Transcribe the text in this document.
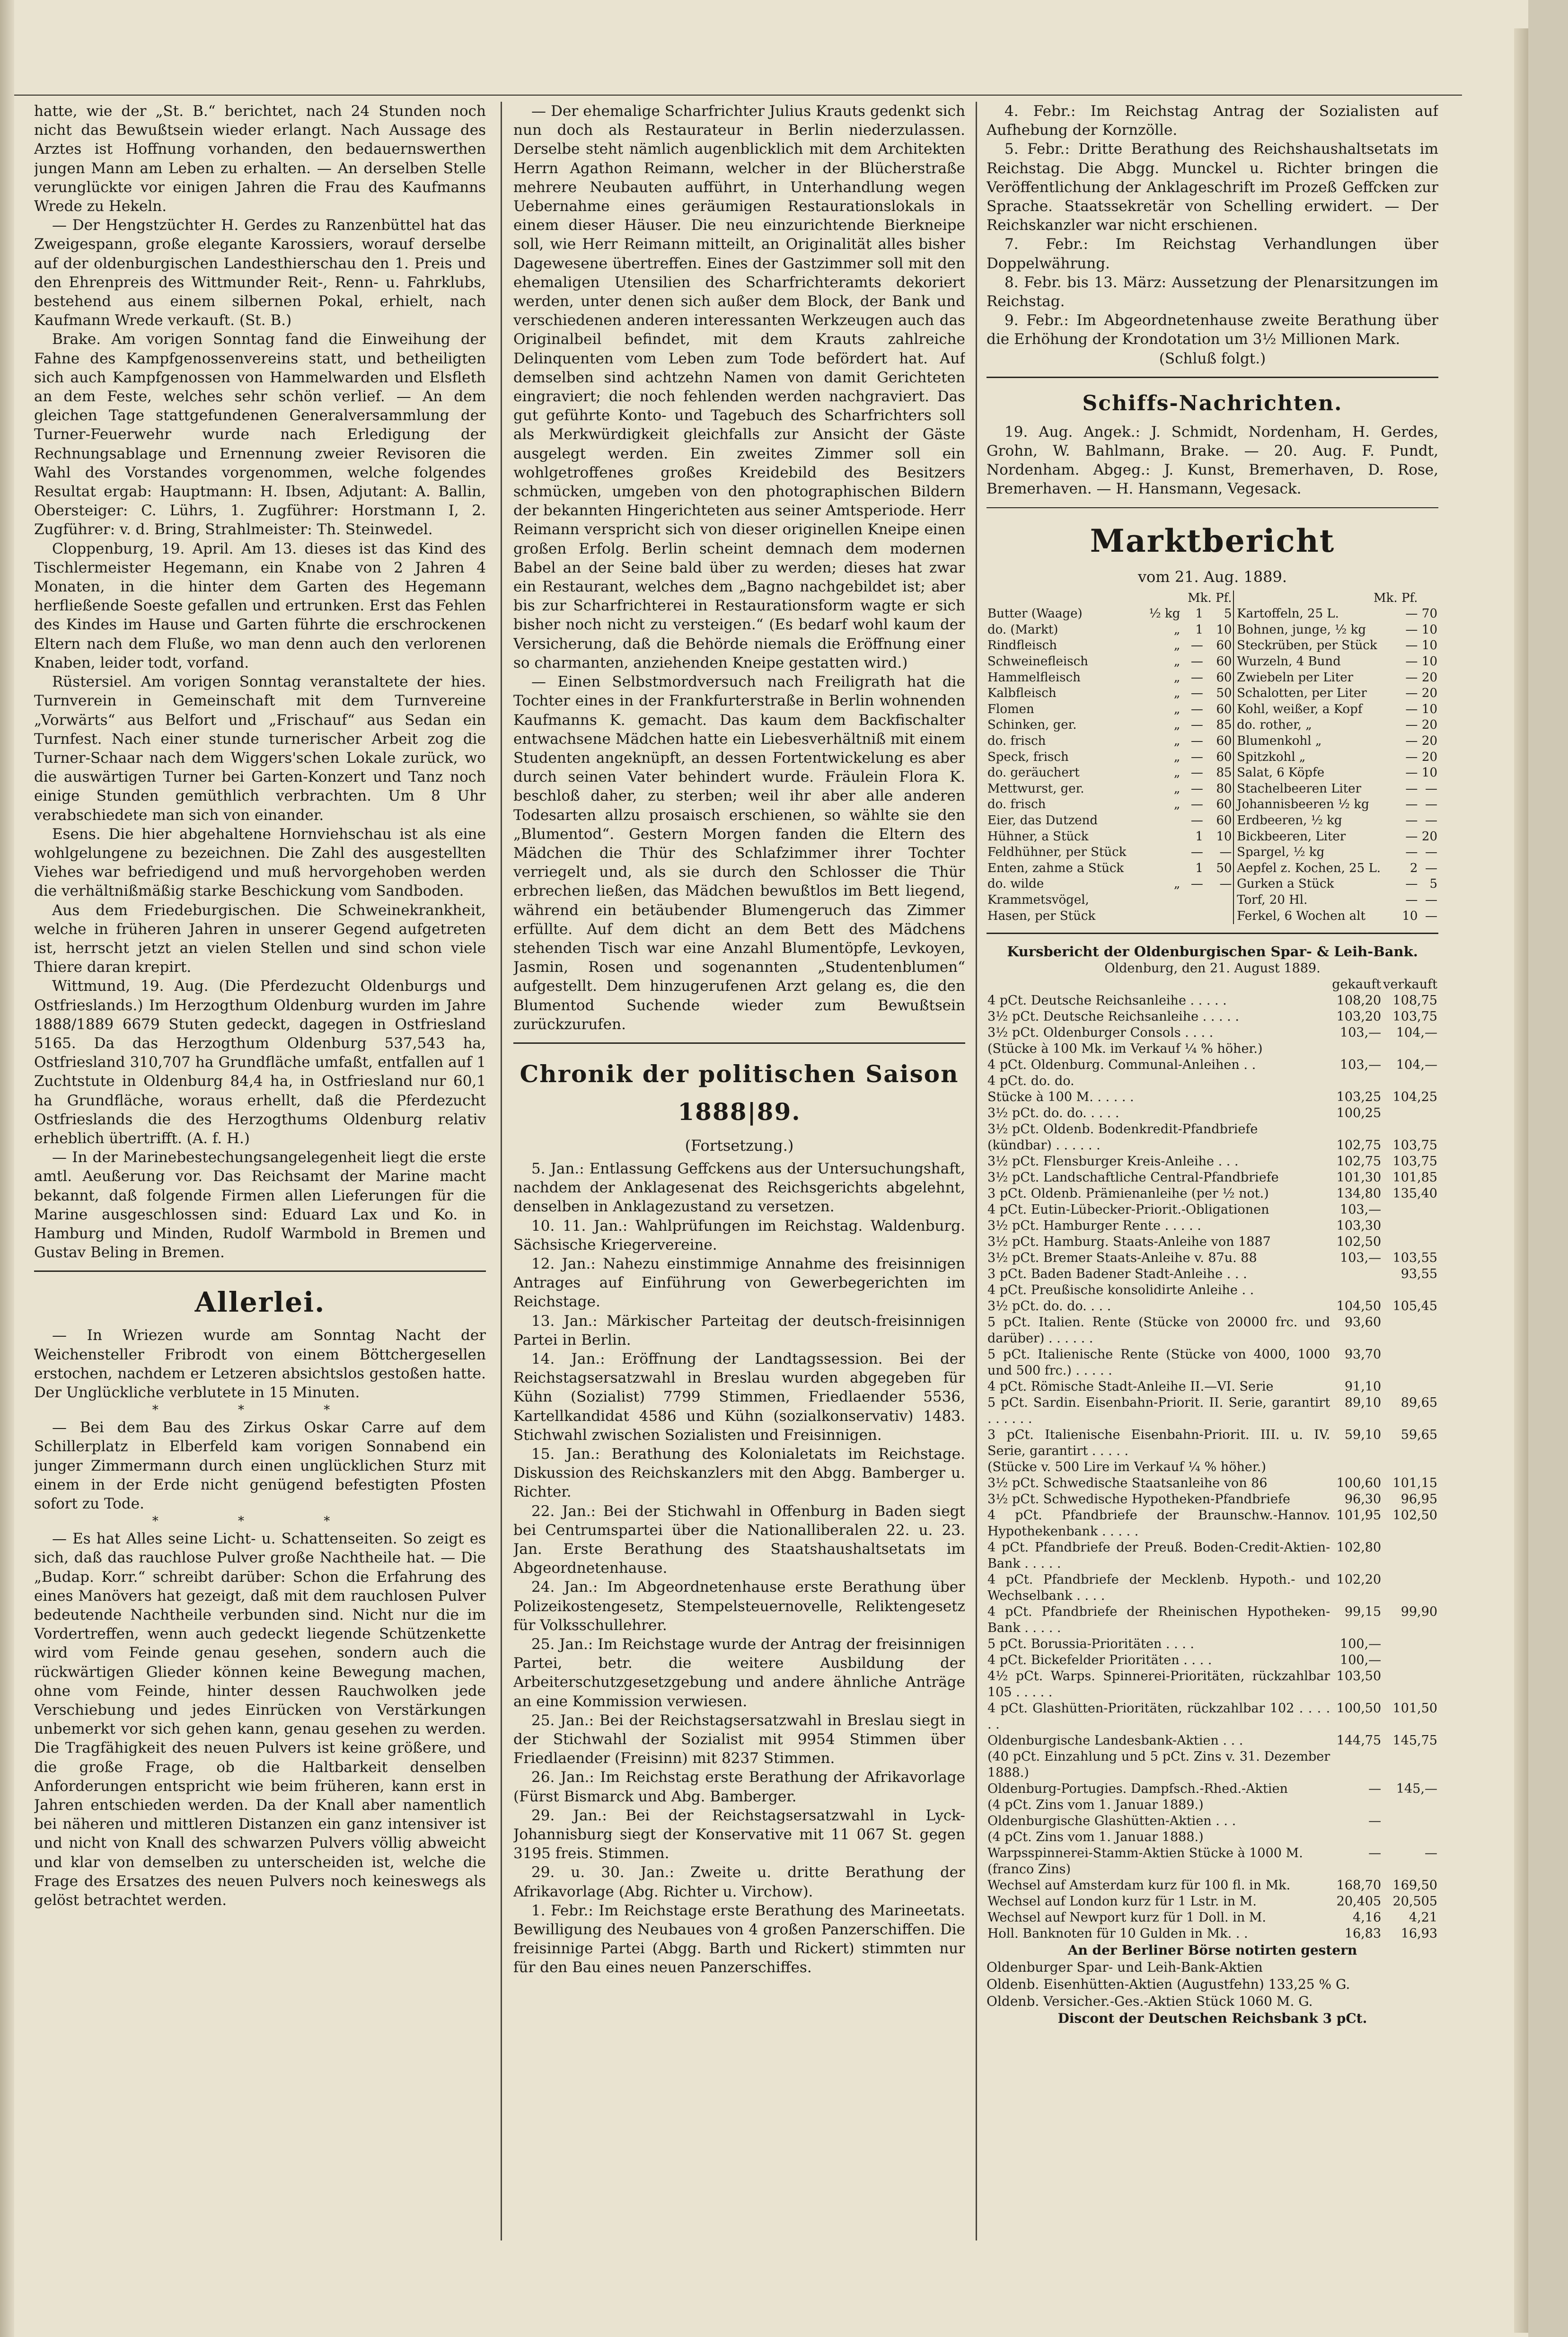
hatte, wie der „St. B.“ berichtet, nach 24 Stunden noch nicht das Bewußtsein wieder erlangt. Nach Aussage des Arztes ist Hoffnung vorhanden, den bedauernswerthen jungen Mann am Leben zu erhalten. — An derselben Stelle verunglückte vor einigen Jahren die Frau des Kaufmanns Wrede zu Hekeln.

— Der Hengstzüchter H. Gerdes zu Ranzenbüttel hat das Zweigespann, große elegante Karossiers, worauf derselbe auf der oldenburgischen Landesthierschau den 1. Preis und den Ehrenpreis des Wittmunder Reit-, Renn- u. Fahrklubs, bestehend aus einem silbernen Pokal, erhielt, nach Kaufmann Wrede verkauft. (St. B.)

Brake. Am vorigen Sonntag fand die Einweihung der Fahne des Kampfgenossenvereins statt, und betheiligten sich auch Kampfgenossen von Hammelwarden und Elsfleth an dem Feste, welches sehr schön verlief. — An dem gleichen Tage stattgefundenen Generalversammlung der Turner-Feuerwehr wurde nach Erledigung der Rechnungsablage und Ernennung zweier Revisoren die Wahl des Vorstandes vorgenommen, welche folgendes Resultat ergab: Hauptmann: H. Ibsen, Adjutant: A. Ballin, Obersteiger: C. Lührs, 1. Zugführer: Horstmann I, 2. Zugführer: v. d. Bring, Strahlmeister: Th. Steinwedel.

Cloppenburg, 19. April. Am 13. dieses ist das Kind des Tischlermeister Hegemann, ein Knabe von 2 Jahren 4 Monaten, in die hinter dem Garten des Hegemann herfließende Soeste gefallen und ertrunken. Erst das Fehlen des Kindes im Hause und Garten führte die erschrockenen Eltern nach dem Fluße, wo man denn auch den verlorenen Knaben, leider todt, vorfand.

Rüstersiel. Am vorigen Sonntag veranstaltete der hies. Turnverein in Gemeinschaft mit dem Turnvereine „Vorwärts“ aus Belfort und „Frischauf“ aus Sedan ein Turnfest. Nach einer stunde turnerischer Arbeit zog die Turner-Schaar nach dem Wiggers'schen Lokale zurück, wo die auswärtigen Turner bei Garten-Konzert und Tanz noch einige Stunden gemüthlich verbrachten. Um 8 Uhr verabschiedete man sich von einander.

Esens. Die hier abgehaltene Hornviehschau ist als eine wohlgelungene zu bezeichnen. Die Zahl des ausgestellten Viehes war befriedigend und muß hervorgehoben werden die verhältnißmäßig starke Beschickung vom Sandboden.

Aus dem Friedeburgischen. Die Schweinekrankheit, welche in früheren Jahren in unserer Gegend aufgetreten ist, herrscht jetzt an vielen Stellen und sind schon viele Thiere daran krepirt.

Wittmund, 19. Aug. (Die Pferdezucht Oldenburgs und Ostfrieslands.) Im Herzogthum Oldenburg wurden im Jahre 1888/1889 6679 Stuten gedeckt, dagegen in Ostfriesland 5165. Da das Herzogthum Oldenburg 537,543 ha, Ostfriesland 310,707 ha Grundfläche umfaßt, entfallen auf 1 Zuchtstute in Oldenburg 84,4 ha, in Ostfriesland nur 60,1 ha Grundfläche, woraus erhellt, daß die Pferdezucht Ostfrieslands die des Herzogthums Oldenburg relativ erheblich übertrifft. (A. f. H.)

— In der Marinebestechungsangelegenheit liegt die erste amtl. Aeußerung vor. Das Reichsamt der Marine macht bekannt, daß folgende Firmen allen Lieferungen für die Marine ausgeschlossen sind: Eduard Lax und Ko. in Hamburg und Minden, Rudolf Warmbold in Bremen und Gustav Beling in Bremen.

Allerlei.

— In Wriezen wurde am Sonntag Nacht der Weichensteller Fribrodt von einem Böttchergesellen erstochen, nachdem er Letzeren absichtslos gestoßen hatte. Der Unglückliche verblutete in 15 Minuten.

* * *

— Bei dem Bau des Zirkus Oskar Carre auf dem Schillerplatz in Elberfeld kam vorigen Sonnabend ein junger Zimmermann durch einen unglücklichen Sturz mit einem in der Erde nicht genügend befestigten Pfosten sofort zu Tode.

* * *

— Es hat Alles seine Licht- u. Schattenseiten. So zeigt es sich, daß das rauchlose Pulver große Nachtheile hat. — Die „Budap. Korr.“ schreibt darüber: Schon die Erfahrung des eines Manövers hat gezeigt, daß mit dem rauchlosen Pulver bedeutende Nachtheile verbunden sind. Nicht nur die im Vordertreffen, wenn auch gedeckt liegende Schützenkette wird vom Feinde genau gesehen, sondern auch die rückwärtigen Glieder können keine Bewegung machen, ohne vom Feinde, hinter dessen Rauchwolken jede Verschiebung und jedes Einrücken von Verstärkungen unbemerkt vor sich gehen kann, genau gesehen zu werden. Die Tragfähigkeit des neuen Pulvers ist keine größere, und die große Frage, ob die Haltbarkeit denselben Anforderungen entspricht wie beim früheren, kann erst in Jahren entschieden werden. Da der Knall aber namentlich bei näheren und mittleren Distanzen ein ganz intensiver ist und nicht von Knall des schwarzen Pulvers völlig abweicht und klar von demselben zu unterscheiden ist, welche die Frage des Ersatzes des neuen Pulvers noch keineswegs als gelöst betrachtet werden.

— Der ehemalige Scharfrichter Julius Krauts gedenkt sich nun doch als Restaurateur in Berlin niederzulassen. Derselbe steht nämlich augenblicklich mit dem Architekten Herrn Agathon Reimann, welcher in der Blücherstraße mehrere Neubauten aufführt, in Unterhandlung wegen Uebernahme eines geräumigen Restaurationslokals in einem dieser Häuser. Die neu einzurichtende Bierkneipe soll, wie Herr Reimann mitteilt, an Originalität alles bisher Dagewesene übertreffen. Eines der Gastzimmer soll mit den ehemaligen Utensilien des Scharfrichteramts dekoriert werden, unter denen sich außer dem Block, der Bank und verschiedenen anderen interessanten Werkzeugen auch das Originalbeil befindet, mit dem Krauts zahlreiche Delinquenten vom Leben zum Tode befördert hat. Auf demselben sind achtzehn Namen von damit Gerichteten eingraviert; die noch fehlenden werden nachgraviert. Das gut geführte Konto- und Tagebuch des Scharfrichters soll als Merkwürdigkeit gleichfalls zur Ansicht der Gäste ausgelegt werden. Ein zweites Zimmer soll ein wohlgetroffenes großes Kreidebild des Besitzers schmücken, umgeben von den photographischen Bildern der bekannten Hingerichteten aus seiner Amtsperiode. Herr Reimann verspricht sich von dieser originellen Kneipe einen großen Erfolg. Berlin scheint demnach dem modernen Babel an der Seine bald über zu werden; dieses hat zwar ein Restaurant, welches dem „Bagno nachgebildet ist; aber bis zur Scharfrichterei in Restaurationsform wagte er sich bisher noch nicht zu versteigen.“ (Es bedarf wohl kaum der Versicherung, daß die Behörde niemals die Eröffnung einer so charmanten, anziehenden Kneipe gestatten wird.)

— Einen Selbstmordversuch nach Freiligrath hat die Tochter eines in der Frankfurterstraße in Berlin wohnenden Kaufmanns K. gemacht. Das kaum dem Backfischalter entwachsene Mädchen hatte ein Liebesverhältniß mit einem Studenten angeknüpft, an dessen Fortentwickelung es aber durch seinen Vater behindert wurde. Fräulein Flora K. beschloß daher, zu sterben; weil ihr aber alle anderen Todesarten allzu prosaisch erschienen, so wählte sie den „Blumentod“. Gestern Morgen fanden die Eltern des Mädchen die Thür des Schlafzimmer ihrer Tochter verriegelt und, als sie durch den Schlosser die Thür erbrechen ließen, das Mädchen bewußtlos im Bett liegend, während ein betäubender Blumengeruch das Zimmer erfüllte. Auf dem dicht an dem Bett des Mädchens stehenden Tisch war eine Anzahl Blumentöpfe, Levkoyen, Jasmin, Rosen und sogenannten „Studentenblumen“ aufgestellt. Dem hinzugerufenen Arzt gelang es, die den Blumentod Suchende wieder zum Bewußtsein zurückzurufen.

Chronik der politischen Saison 1888|89.
(Fortsetzung.)

5. Jan.: Entlassung Geffckens aus der Untersuchungshaft, nachdem der Anklagesenat des Reichsgerichts abgelehnt, denselben in Anklagezustand zu versetzen.

10. 11. Jan.: Wahlprüfungen im Reichstag. Waldenburg. Sächsische Kriegervereine.

12. Jan.: Nahezu einstimmige Annahme des freisinnigen Antrages auf Einführung von Gewerbegerichten im Reichstage.

13. Jan.: Märkischer Parteitag der deutsch-freisinnigen Partei in Berlin.

14. Jan.: Eröffnung der Landtagssession. Bei der Reichstagsersatzwahl in Breslau wurden abgegeben für Kühn (Sozialist) 7799 Stimmen, Friedlaender 5536, Kartellkandidat 4586 und Kühn (sozialkonservativ) 1483. Stichwahl zwischen Sozialisten und Freisinnigen.

15. Jan.: Berathung des Kolonialetats im Reichstage. Diskussion des Reichskanzlers mit den Abgg. Bamberger u. Richter.

22. Jan.: Bei der Stichwahl in Offenburg in Baden siegt bei Centrumspartei über die Nationalliberalen 22. u. 23. Jan. Erste Berathung des Staatshaushaltsetats im Abgeordnetenhause.

24. Jan.: Im Abgeordnetenhause erste Berathung über Polizeikostengesetz, Stempelsteuernovelle, Reliktengesetz für Volksschullehrer.

25. Jan.: Im Reichstage wurde der Antrag der freisinnigen Partei, betr. die weitere Ausbildung der Arbeiterschutzgesetzgebung und andere ähnliche Anträge an eine Kommission verwiesen.

25. Jan.: Bei der Reichstagsersatzwahl in Breslau siegt in der Stichwahl der Sozialist mit 9954 Stimmen über Friedlaender (Freisinn) mit 8237 Stimmen.

26. Jan.: Im Reichstag erste Berathung der Afrikavorlage (Fürst Bismarck und Abg. Bamberger.

29. Jan.: Bei der Reichstagsersatzwahl in Lyck-Johannisburg siegt der Konservative mit 11 067 St. gegen 3195 freis. Stimmen.

29. u. 30. Jan.: Zweite u. dritte Berathung der Afrikavorlage (Abg. Richter u. Virchow).

1. Febr.: Im Reichstage erste Berathung des Marineetats. Bewilligung des Neubaues von 4 großen Panzerschiffen. Die freisinnige Partei (Abgg. Barth und Rickert) stimmten nur für den Bau eines neuen Panzerschiffes.

4. Febr.: Im Reichstag Antrag der Sozialisten auf Aufhebung der Kornzölle.

5. Febr.: Dritte Berathung des Reichshaushaltsetats im Reichstag. Die Abgg. Munckel u. Richter bringen die Veröffentlichung der Anklageschrift im Prozeß Geffcken zur Sprache. Staatssekretär von Schelling erwidert. — Der Reichskanzler war nicht erschienen.

7. Febr.: Im Reichstag Verhandlungen über Doppelwährung.

8. Febr. bis 13. März: Aussetzung der Plenarsitzungen im Reichstag.

9. Febr.: Im Abgeordnetenhause zweite Berathung über die Erhöhung der Krondotation um 3½ Millionen Mark.

(Schluß folgt.)

Schiffs-Nachrichten.

19. Aug. Angek.: J. Schmidt, Nordenham, H. Gerdes, Grohn, W. Bahlmann, Brake. — 20. Aug. F. Pundt, Nordenham. Abgeg.: J. Kunst, Bremerhaven, D. Rose, Bremerhaven. — H. Hansmann, Vegesack.

Marktbericht
vom 21. Aug. 1889.
		Mk. Pf.			Mk. Pf.		
Butter (Waage)	½ kg	1	5		Kartoffeln, 25 L.	—	70
do. (Markt)	„	1	10		Bohnen, junge, ½ kg	—	10
Rindfleisch	„	—	60		Steckrüben, per Stück	—	10
Schweinefleisch	„	—	60		Wurzeln, 4 Bund	—	10
Hammelfleisch	„	—	60		Zwiebeln per Liter	—	20
Kalbfleisch	„	—	50		Schalotten, per Liter	—	20
Flomen	„	—	60		Kohl, weißer, a Kopf	—	10
Schinken, ger.	„	—	85		do. rother, „	—	20
do. frisch	„	—	60		Blumenkohl „	—	20
Speck, frisch	„	—	60		Spitzkohl „	—	20
do. geräuchert	„	—	85		Salat, 6 Köpfe	—	10
Mettwurst, ger.	„	—	80		Stachelbeeren Liter	—	—
do. frisch	„	—	60		Johannisbeeren ½ kg	—	—
Eier, das Dutzend		—	60		Erdbeeren, ½ kg	—	—
Hühner, a Stück		1	10		Bickbeeren, Liter	—	20
Feldhühner, per Stück		—	—		Spargel, ½ kg	—	—
Enten, zahme a Stück		1	50		Aepfel z. Kochen, 25 L.	2	—
do. wilde	„	—	—		Gurken a Stück	—	5
Krammetsvögel,					Torf, 20 Hl.	—	—
Hasen, per Stück					Ferkel, 6 Wochen alt	10	—
Kursbericht der Oldenburgischen Spar- & Leih-Bank.
Oldenburg, den 21. August 1889.
	gekauft	verkauft
4 pCt. Deutsche Reichsanleihe . . . . .	108,20	108,75
3½ pCt. Deutsche Reichsanleihe . . . . .	103,20	103,75
3½ pCt. Oldenburger Consols . . . .	103,—	104,—
(Stücke à 100 Mk. im Verkauf ¼ % höher.)		
4 pCt. Oldenburg. Communal-Anleihen . .	103,—	104,—
4 pCt. do. do.		
Stücke à 100 M. . . . . .	103,25	104,25
3½ pCt. do. do. . . . .	100,25	
3½ pCt. Oldenb. Bodenkredit-Pfandbriefe		
(kündbar) . . . . . .	102,75	103,75
3½ pCt. Flensburger Kreis-Anleihe . . .	102,75	103,75
3½ pCt. Landschaftliche Central-Pfandbriefe	101,30	101,85
3 pCt. Oldenb. Prämienanleihe (per ½ not.)	134,80	135,40
4 pCt. Eutin-Lübecker-Priorit.-Obligationen	103,—	
3½ pCt. Hamburger Rente . . . . .	103,30	
3½ pCt. Hamburg. Staats-Anleihe von 1887	102,50	
3½ pCt. Bremer Staats-Anleihe v. 87u. 88	103,—	103,55
3 pCt. Baden Badener Stadt-Anleihe . . .		93,55
4 pCt. Preußische konsolidirte Anleihe . .		
3½ pCt. do. do. . . .	104,50	105,45
5 pCt. Italien. Rente (Stücke von 20000 frc. und darüber) . . . . . .	93,60	
5 pCt. Italienische Rente (Stücke von 4000, 1000 und 500 frc.) . . . . .	93,70	
4 pCt. Römische Stadt-Anleihe II.—VI. Serie	91,10	
5 pCt. Sardin. Eisenbahn-Priorit. II. Serie, garantirt . . . . . .	89,10	89,65
3 pCt. Italienische Eisenbahn-Priorit. III. u. IV. Serie, garantirt . . . . .	59,10	59,65
(Stücke v. 500 Lire im Verkauf ¼ % höher.)		
3½ pCt. Schwedische Staatsanleihe von 86	100,60	101,15
3½ pCt. Schwedische Hypotheken-Pfandbriefe	96,30	96,95
4 pCt. Pfandbriefe der Braunschw.-Hannov. Hypothekenbank . . . . .	101,95	102,50
4 pCt. Pfandbriefe der Preuß. Boden-Credit-Aktien-Bank . . . . .	102,80	
4 pCt. Pfandbriefe der Mecklenb. Hypoth.- und Wechselbank . . . .	102,20	
4 pCt. Pfandbriefe der Rheinischen Hypotheken-Bank . . . . .	99,15	99,90
5 pCt. Borussia-Prioritäten . . . .	100,—	
4 pCt. Bickefelder Prioritäten . . . .	100,—	
4½ pCt. Warps. Spinnerei-Prioritäten, rückzahlbar 105 . . . . .	103,50	
4 pCt. Glashütten-Prioritäten, rückzahlbar 102 . . . . . .	100,50	101,50
Oldenburgische Landesbank-Aktien . . .	144,75	145,75
(40 pCt. Einzahlung und 5 pCt. Zins v. 31. Dezember 1888.)		
Oldenburg-Portugies. Dampfsch.-Rhed.-Aktien	—	145,—
(4 pCt. Zins vom 1. Januar 1889.)		
Oldenburgische Glashütten-Aktien . . .	—	
(4 pCt. Zins vom 1. Januar 1888.)		
Warpsspinnerei-Stamm-Aktien Stücke à 1000 M.	—	—
(franco Zins)		
Wechsel auf Amsterdam kurz für 100 fl. in Mk.	168,70	169,50
Wechsel auf London kurz für 1 Lstr. in M.	20,405	20,505
Wechsel auf Newport kurz für 1 Doll. in M.	4,16	4,21
Holl. Banknoten für 10 Gulden in Mk. . .	16,83	16,93
An der Berliner Börse notirten gestern
Oldenburger Spar- und Leih-Bank-Aktien
Oldenb. Eisenhütten-Aktien (Augustfehn) 133,25 % G.
Oldenb. Versicher.-Ges.-Aktien Stück 1060 M. G.
Discont der Deutschen Reichsbank 3 pCt.
